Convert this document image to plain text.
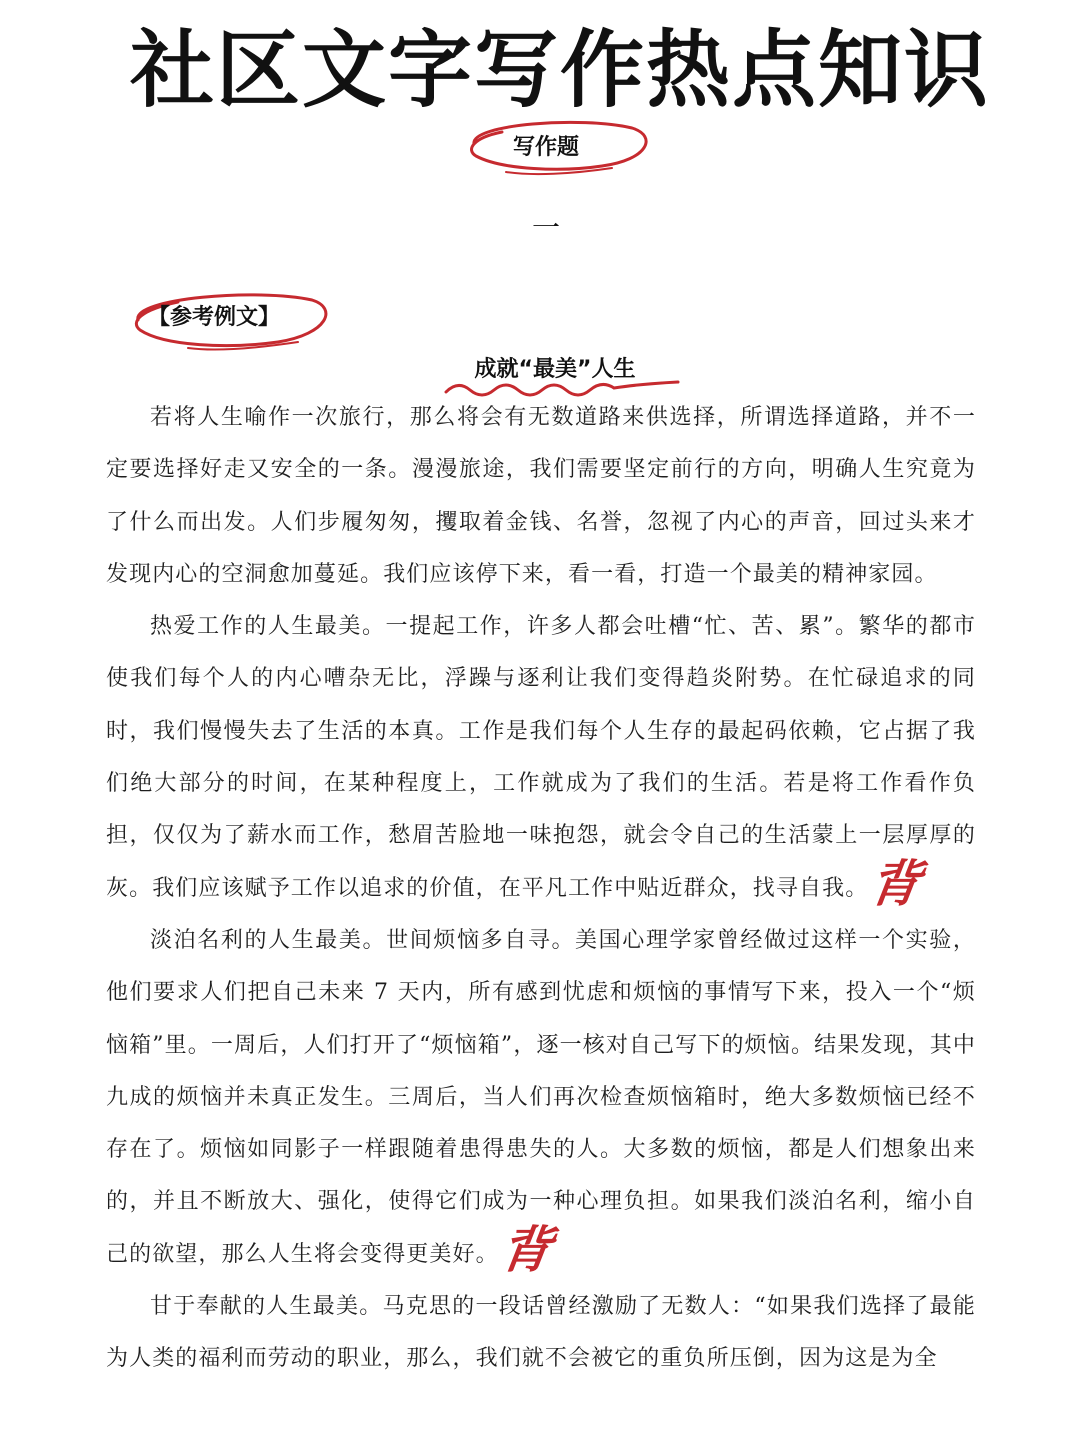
社区文字写作热点知识
写作题
一
【参考例文】
成就“最美”人生

若将人生喻作一次旅行，那么将会有无数道路来供选择，所谓选择道路，并不一定要选择好走又安全的一条。漫漫旅途，我们需要坚定前行的方向，明确人生究竟为了什么而出发。人们步履匆匆，攫取着金钱、名誉，忽视了内心的声音，回过头来才发现内心的空洞愈加蔓延。我们应该停下来，看一看，打造一个最美的精神家园。

热爱工作的人生最美。一提起工作，许多人都会吐槽“忙、苦、累”。繁华的都市使我们每个人的内心嘈杂无比，浮躁与逐利让我们变得趋炎附势。在忙碌追求的同时，我们慢慢失去了生活的本真。工作是我们每个人生存的最起码依赖，它占据了我们绝大部分的时间，在某种程度上，工作就成为了我们的生活。若是将工作看作负担，仅仅为了薪水而工作，愁眉苦脸地一味抱怨，就会令自己的生活蒙上一层厚厚的灰。我们应该赋予工作以追求的价值，在平凡工作中贴近群众，找寻自我。背

淡泊名利的人生最美。世间烦恼多自寻。美国心理学家曾经做过这样一个实验，他们要求人们把自己未来 7 天内，所有感到忧虑和烦恼的事情写下来，投入一个“烦恼箱”里。一周后，人们打开了“烦恼箱”，逐一核对自己写下的烦恼。结果发现，其中九成的烦恼并未真正发生。三周后，当人们再次检查烦恼箱时，绝大多数烦恼已经不存在了。烦恼如同影子一样跟随着患得患失的人。大多数的烦恼，都是人们想象出来的，并且不断放大、强化，使得它们成为一种心理负担。如果我们淡泊名利，缩小自己的欲望，那么人生将会变得更美好。背

甘于奉献的人生最美。马克思的一段话曾经激励了无数人：“如果我们选择了最能为人类的福利而劳动的职业，那么，我们就不会被它的重负所压倒，因为这是为全
